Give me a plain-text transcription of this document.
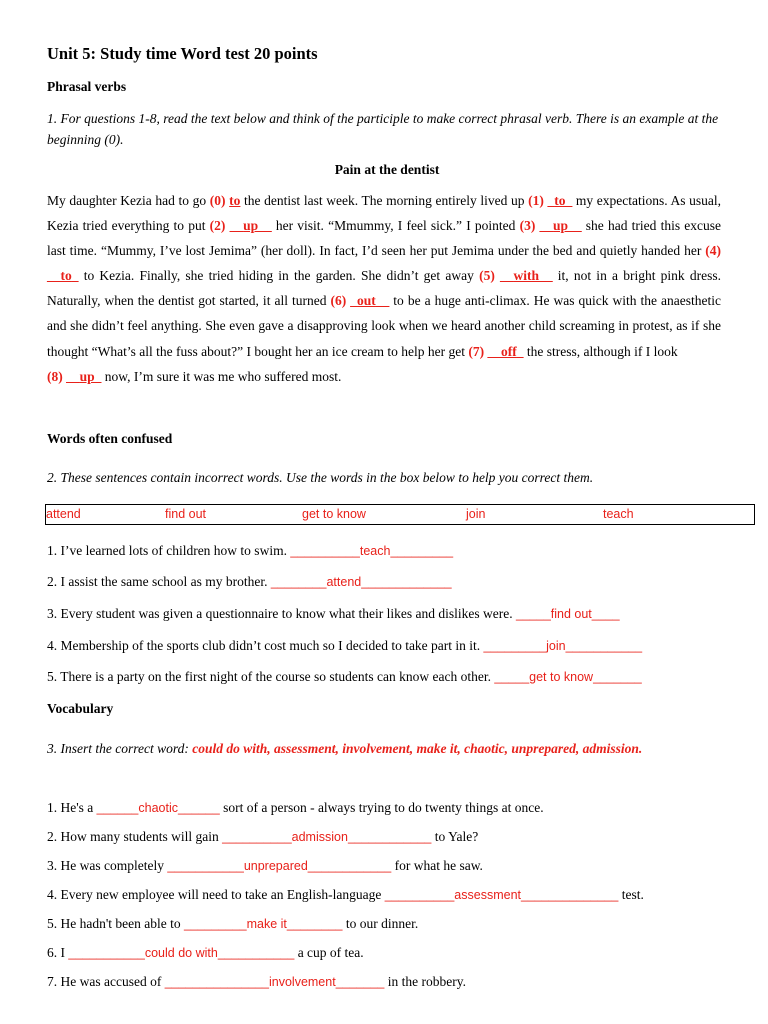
Unit 5: Study time Word test 20 points
Phrasal verbs
1. For questions 1-8, read the text below and think of the participle to make correct phrasal verb. There is an example at the beginning (0).
Pain at the dentist
My daughter Kezia had to go (0) to the dentist last week. The morning entirely lived up (1) _to_ my expectations. As usual, Kezia tried everything to put (2) __up__ her visit. “Mmummy, I feel sick.” I pointed (3) __up__ she had tried this excuse last time. “Mummy, I’ve lost Jemima” (her doll). In fact, I’d seen her put Jemima under the bed and quietly handed her (4) __to_ to Kezia. Finally, she tried hiding in the garden. She didn’t get away (5) __with__ it, not in a bright pink dress. Naturally, when the dentist got started, it all turned (6) _out__ to be a huge anti-climax. He was quick with the anaesthetic and she didn’t feel anything. She even gave a disapproving look when we heard another child screaming in protest, as if she thought “What’s all the fuss about?” I bought her an ice cream to help her get (7) __off_ the stress, although if I look
(8) __up_ now, I’m sure it was me who suffered most.
Words often confused
2. These sentences contain incorrect words. Use the words in the box below to help you correct them.
attend	find out	get to know	join	teach
1. I’ve learned lots of children how to swim. __________teach_________
2. I assist the same school as my brother. ________attend_____________
3. Every student was given a questionnaire to know what their likes and dislikes were. _____find out____
4. Membership of the sports club didn’t cost much so I decided to take part in it. _________join___________
5. There is a party on the first night of the course so students can know each other. _____get to know_______
Vocabulary
3. Insert the correct word: could do with, assessment, involvement, make it, chaotic, unprepared, admission.
1. He's a ______chaotic______ sort of a person - always trying to do twenty things at once.
2. How many students will gain __________admission____________ to Yale?
3. He was completely ___________unprepared____________ for what he saw.
4. Every new employee will need to take an English-language __________assessment______________ test.
5. He hadn't been able to _________make it________ to our dinner.
6. I ___________could do with___________ a cup of tea.
7. He was accused of _______________involvement_______ in the robbery.
